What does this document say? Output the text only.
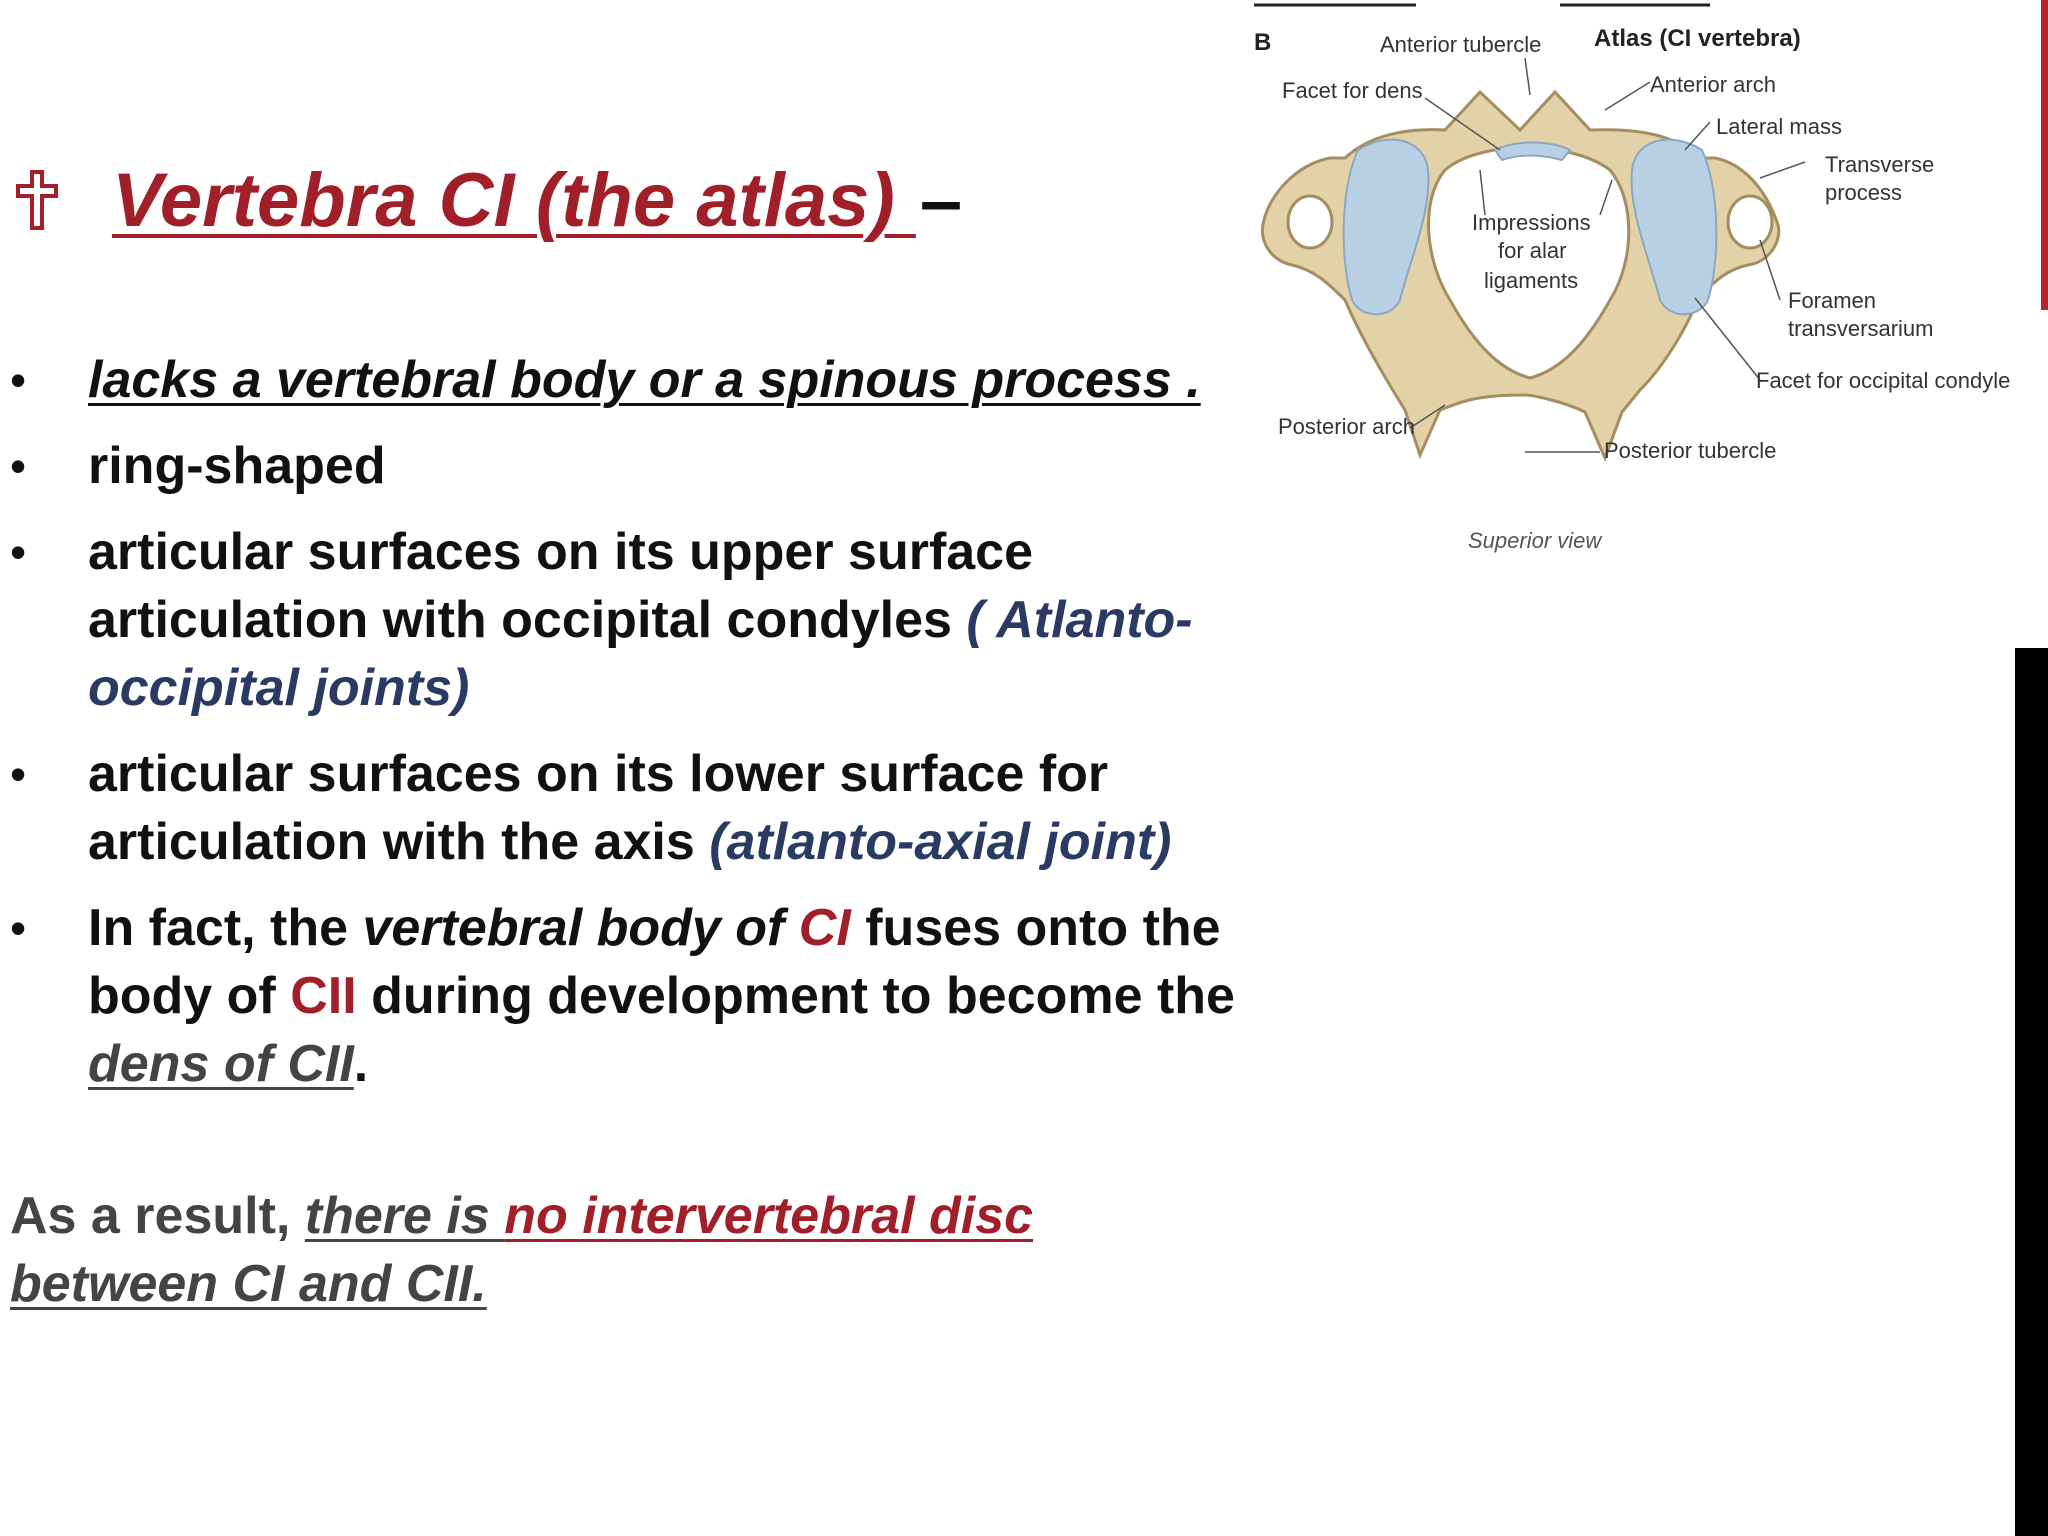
Vertebra CI (the atlas) –
• lacks a vertebral body or a spinous process .
• ring-shaped
• articular surfaces on its upper surface articulation with occipital condyles ( Atlanto-occipital joints)
• articular surfaces on its lower surface for articulation with the axis (atlanto-axial joint)
• In fact, the vertebral body of CI fuses onto the body of CII during development to become the dens of CII.
As a result, there is no intervertebral disc
between CI and CII.
B	Anterior tubercle Atlas (CI vertebra)
Facet for dens	Anterior arch
Lateral mass
Transverse
process
Impressions
for alar
ligaments
Foramen
transversarium
Facet for occipital condyle
Posterior arch
Posterior tubercle
Superior view
